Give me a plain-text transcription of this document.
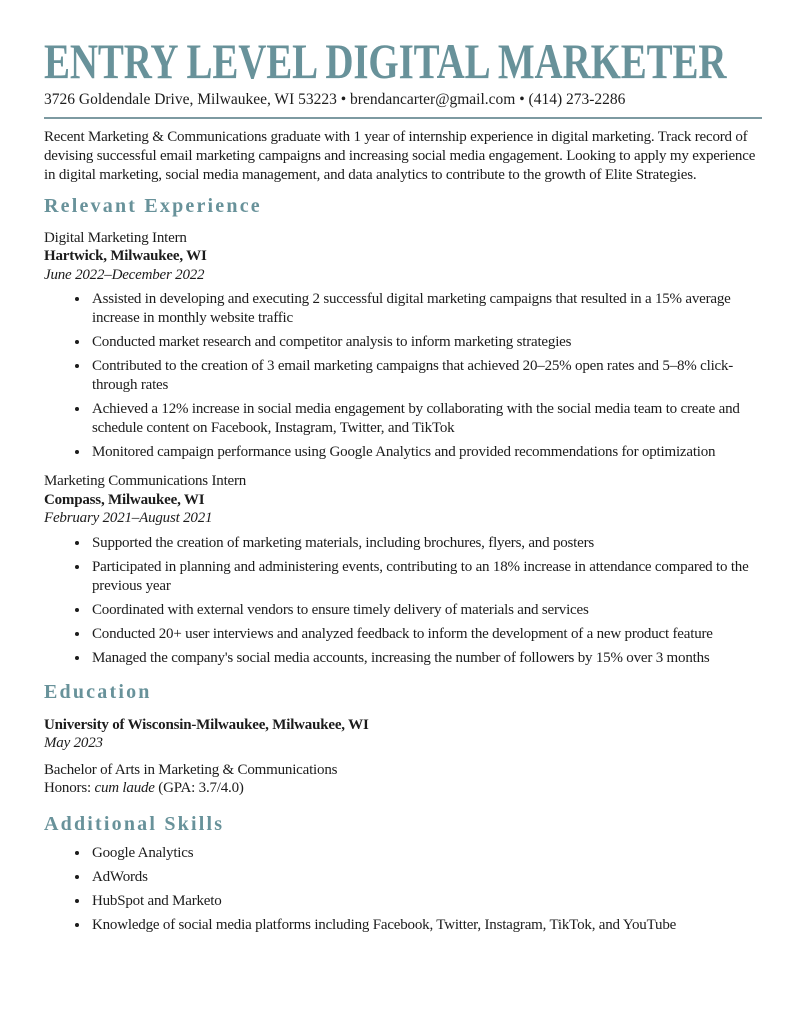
ENTRY LEVEL DIGITAL MARKETER
3726 Goldendale Drive, Milwaukee, WI 53223 • brendancarter@gmail.com • (414) 273-2286

Recent Marketing & Communications graduate with 1 year of internship experience in digital marketing. Track record of devising successful email marketing campaigns and increasing social media engagement. Looking to apply my experience in digital marketing, social media management, and data analytics to contribute to the growth of Elite Strategies.

Relevant Experience
Digital Marketing Intern
Hartwick, Milwaukee, WI
June 2022–December 2022
• Assisted in developing and executing 2 successful digital marketing campaigns that resulted in a 15% average increase in monthly website traffic
• Conducted market research and competitor analysis to inform marketing strategies
• Contributed to the creation of 3 email marketing campaigns that achieved 20–25% open rates and 5–8% click-through rates
• Achieved a 12% increase in social media engagement by collaborating with the social media team to create and schedule content on Facebook, Instagram, Twitter, and TikTok
• Monitored campaign performance using Google Analytics and provided recommendations for optimization
Marketing Communications Intern
Compass, Milwaukee, WI
February 2021–August 2021
• Supported the creation of marketing materials, including brochures, flyers, and posters
• Participated in planning and administering events, contributing to an 18% increase in attendance compared to the previous year
• Coordinated with external vendors to ensure timely delivery of materials and services
• Conducted 20+ user interviews and analyzed feedback to inform the development of a new product feature
• Managed the company's social media accounts, increasing the number of followers by 15% over 3 months
Education
University of Wisconsin-Milwaukee, Milwaukee, WI
May 2023
Bachelor of Arts in Marketing & Communications
Honors: cum laude (GPA: 3.7/4.0)
Additional Skills
• Google Analytics
• AdWords
• HubSpot and Marketo
• Knowledge of social media platforms including Facebook, Twitter, Instagram, TikTok, and YouTube
